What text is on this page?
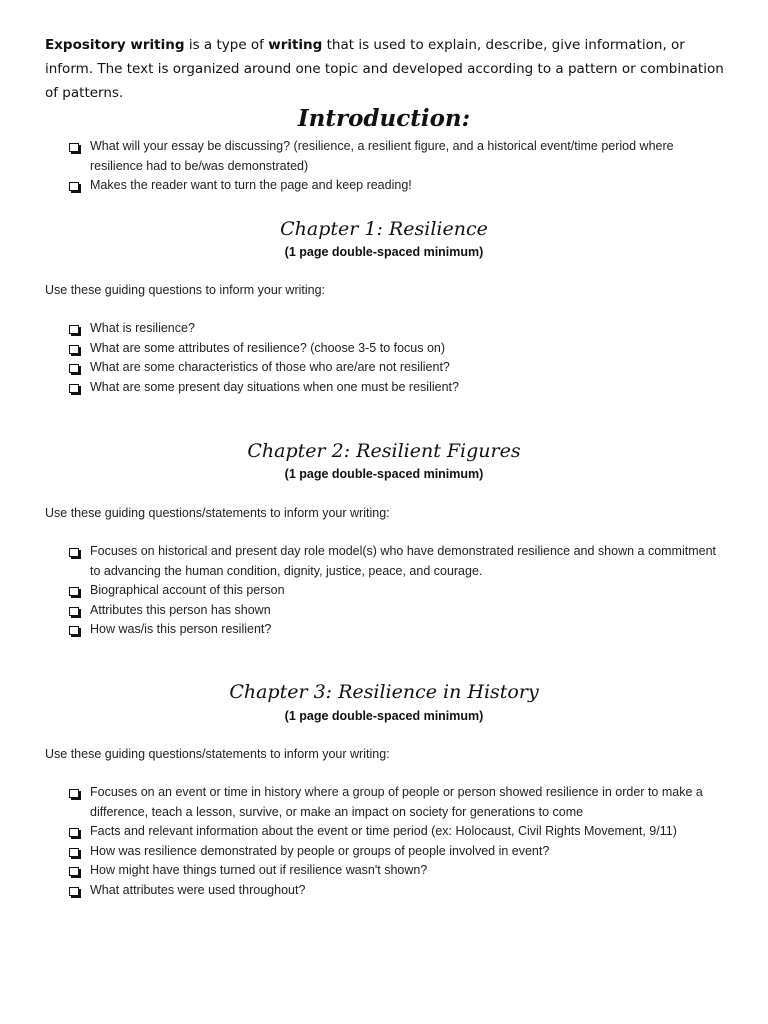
Expository writing is a type of writing that is used to explain, describe, give information, or inform. The text is organized around one topic and developed according to a pattern or combination of patterns.

Introduction:
What will your essay be discussing? (resilience, a resilient figure, and a historical event/time period where resilience had to be/was demonstrated)
Makes the reader want to turn the page and keep reading!
Chapter 1: Resilience
(1 page double-spaced minimum)
Use these guiding questions to inform your writing:
What is resilience?
What are some attributes of resilience? (choose 3-5 to focus on)
What are some characteristics of those who are/are not resilient?
What are some present day situations when one must be resilient?
Chapter 2: Resilient Figures
(1 page double-spaced minimum)
Use these guiding questions/statements to inform your writing:
Focuses on historical and present day role model(s) who have demonstrated resilience and shown a commitment to advancing the human condition, dignity, justice, peace, and courage.
Biographical account of this person
Attributes this person has shown
How was/is this person resilient?
Chapter 3: Resilience in History
(1 page double-spaced minimum)
Use these guiding questions/statements to inform your writing:
Focuses on an event or time in history where a group of people or person showed resilience in order to make a difference, teach a lesson, survive, or make an impact on society for generations to come
Facts and relevant information about the event or time period (ex: Holocaust, Civil Rights Movement, 9/11)
How was resilience demonstrated by people or groups of people involved in event?
How might have things turned out if resilience wasn't shown?
What attributes were used throughout?
